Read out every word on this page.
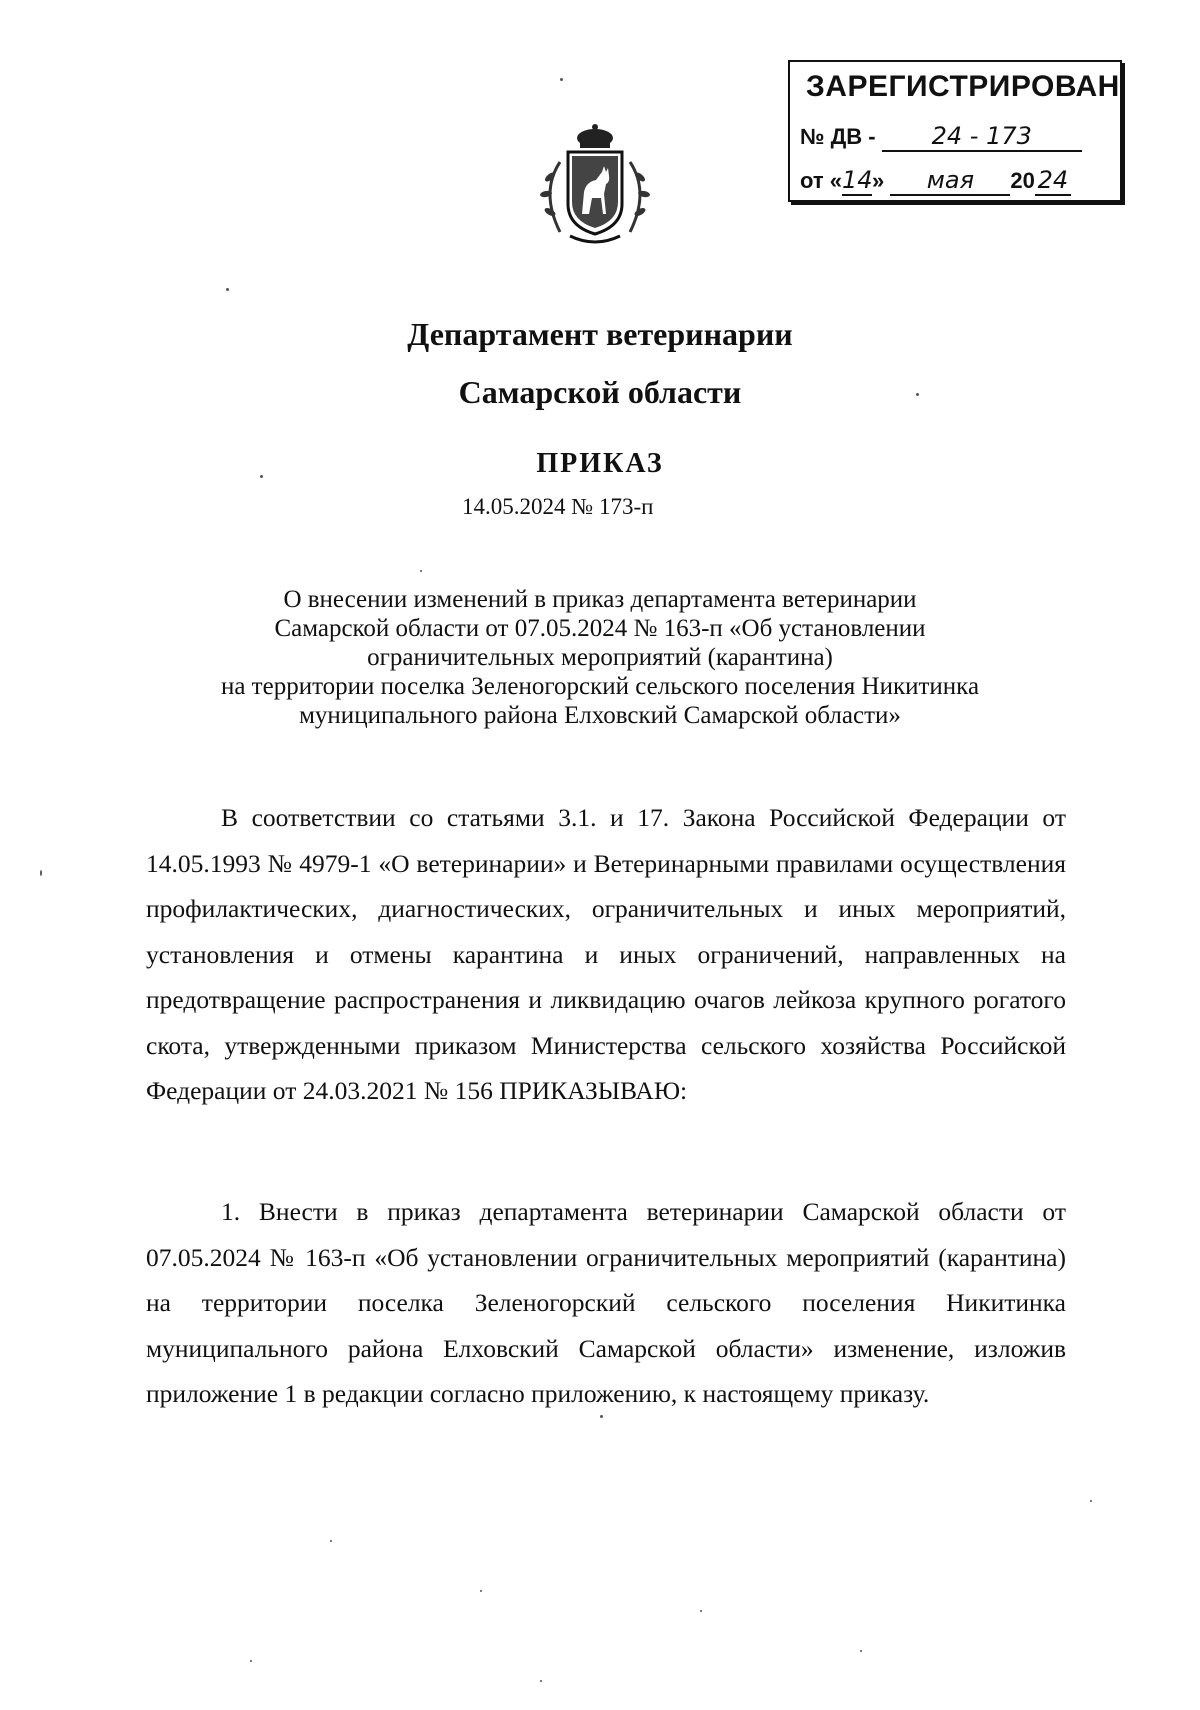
ЗАРЕГИСТРИРОВАН
№ ДВ - 24 - 173
от «14» мая 20 24
Департамент ветеринарии
Самарской области
ПРИКАЗ
14.05.2024 № 173-п
О внесении изменений в приказ департамента ветеринарии
Самарской области от 07.05.2024 № 163-п «Об установлении
ограничительных мероприятий (карантина)
на территории поселка Зеленогорский сельского поселения Никитинка
муниципального района Елховский Самарской области»

В соответствии со статьями 3.1. и 17. Закона Российской Федерации от 14.05.1993 № 4979-1 «О ветеринарии» и Ветеринарными правилами осуществления профилактических, диагностических, ограничительных и иных мероприятий, установления и отмены карантина и иных ограничений, направленных на предотвращение распространения и ликвидацию очагов лейкоза крупного рогатого скота, утвержденными приказом Министерства сельского хозяйства Российской Федерации от 24.03.2021 № 156 ПРИКАЗЫВАЮ:

1. Внести в приказ департамента ветеринарии Самарской области от 07.05.2024 № 163-п «Об установлении ограничительных мероприятий (карантина) на территории поселка Зеленогорский сельского поселения Никитинка муниципального района Елховский Самарской области» изменение, изложив приложение 1 в редакции согласно приложению, к настоящему приказу.
